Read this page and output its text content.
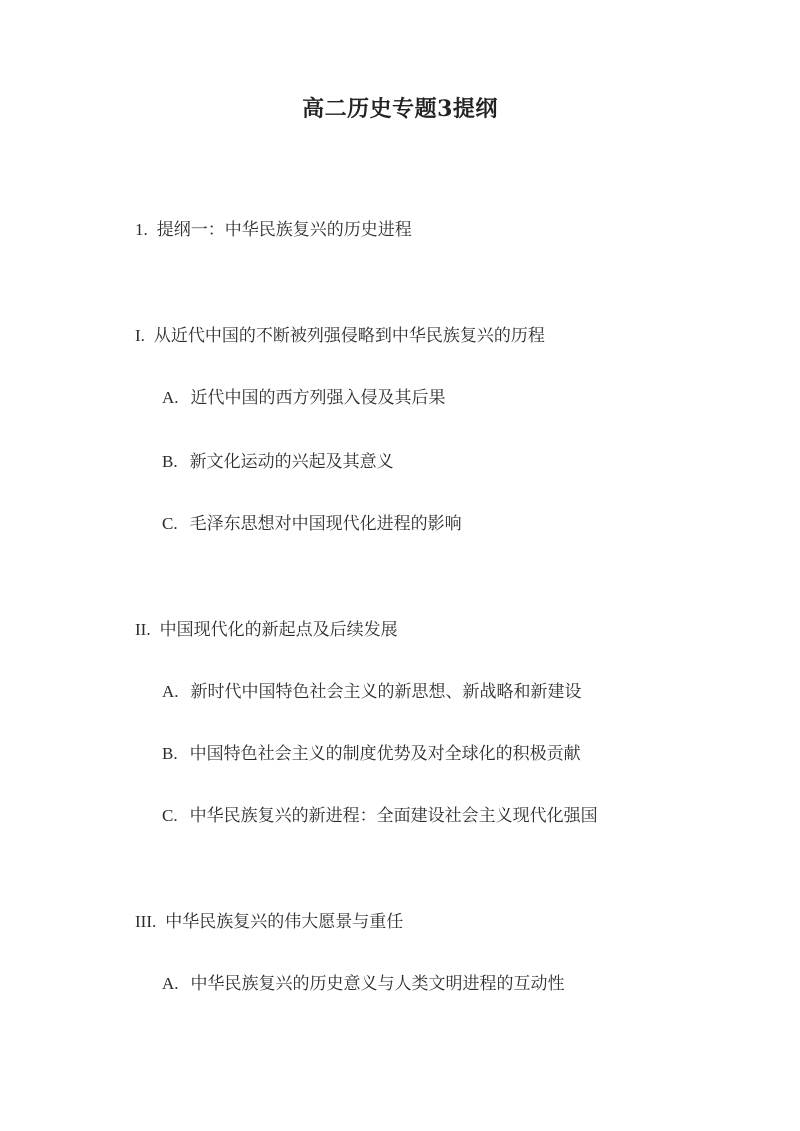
高二历史专题3提纲
1. 提纲一：中华民族复兴的历史进程
I. 从近代中国的不断被列强侵略到中华民族复兴的历程
A. 近代中国的西方列强入侵及其后果
B. 新文化运动的兴起及其意义
C. 毛泽东思想对中国现代化进程的影响
II. 中国现代化的新起点及后续发展
A. 新时代中国特色社会主义的新思想、新战略和新建设
B. 中国特色社会主义的制度优势及对全球化的积极贡献
C. 中华民族复兴的新进程：全面建设社会主义现代化强国
III. 中华民族复兴的伟大愿景与重任
A. 中华民族复兴的历史意义与人类文明进程的互动性
